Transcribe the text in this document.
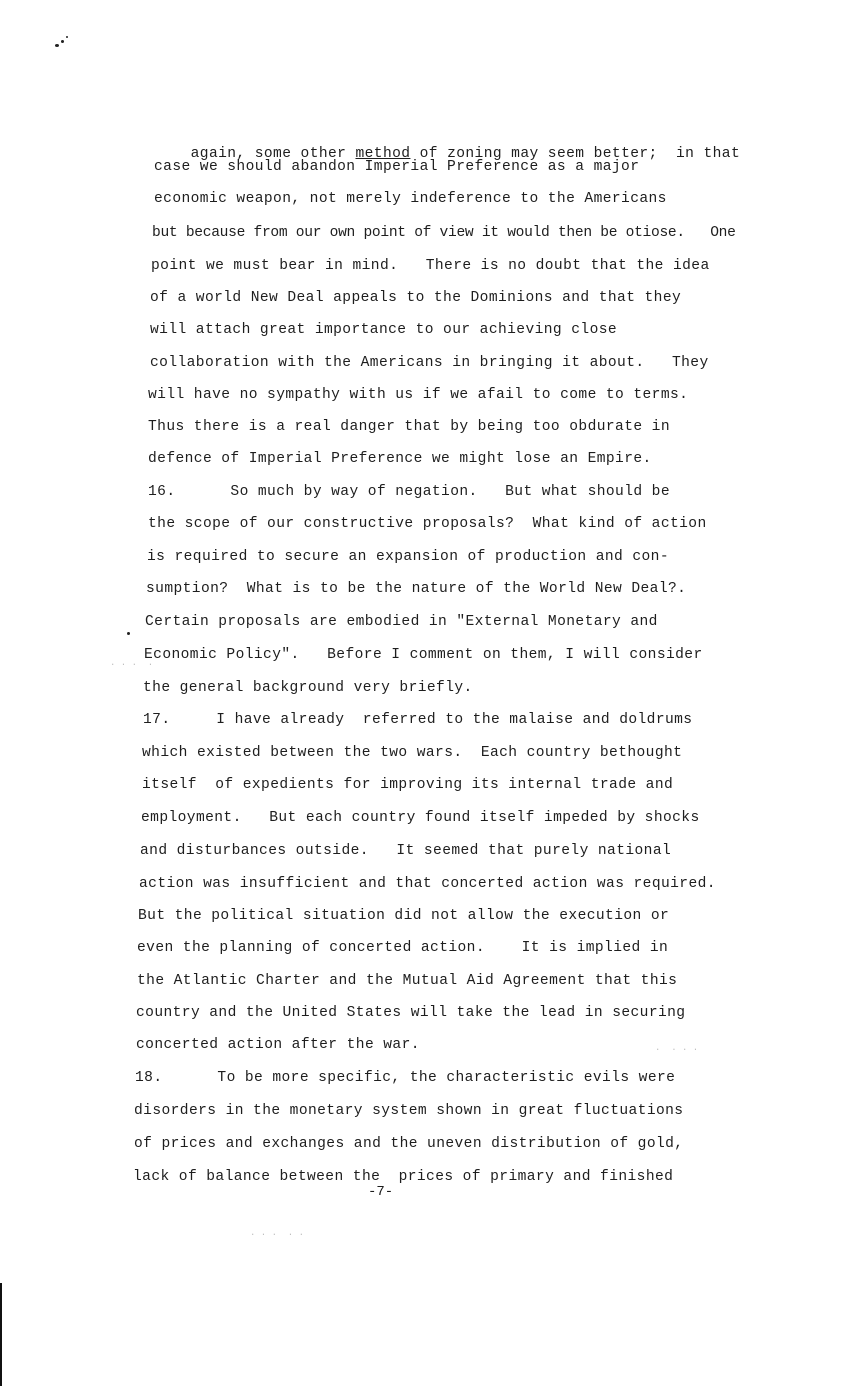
· · ·  ·
·  · · ·
· · ·  · ·

again, some other method of zoning may seem better;  in that

case we should abandon Imperial Preference as a major
economic weapon, not merely indeference to the Americans
but because from our own point of view it would then be otiose.   One
point we must bear in mind.   There is no doubt that the idea
of a world New Deal appeals to the Dominions and that they
will attach great importance to our achieving close
collaboration with the Americans in bringing it about.   They
will have no sympathy with us if we afail to come to terms.
Thus there is a real danger that by being too obdurate in
defence of Imperial Preference we might lose an Empire.
16.      So much by way of negation.   But what should be
the scope of our constructive proposals?  What kind of action
is required to secure an expansion of production and con-
sumption?  What is to be the nature of the World New Deal?.
Certain proposals are embodied in "External Monetary and
Economic Policy".   Before I comment on them, I will consider
the general background very briefly.
17.     I have already  referred to the malaise and doldrums
which existed between the two wars.  Each country bethought
itself  of expedients for improving its internal trade and
employment.   But each country found itself impeded by shocks
and disturbances outside.   It seemed that purely national
action was insufficient and that concerted action was required.
But the political situation did not allow the execution or
even the planning of concerted action.    It is implied in
the Atlantic Charter and the Mutual Aid Agreement that this
country and the United States will take the lead in securing
concerted action after the war.
18.      To be more specific, the characteristic evils were
disorders in the monetary system shown in great fluctuations
of prices and exchanges and the uneven distribution of gold,
lack of balance between the  prices of primary and finished
-7-
